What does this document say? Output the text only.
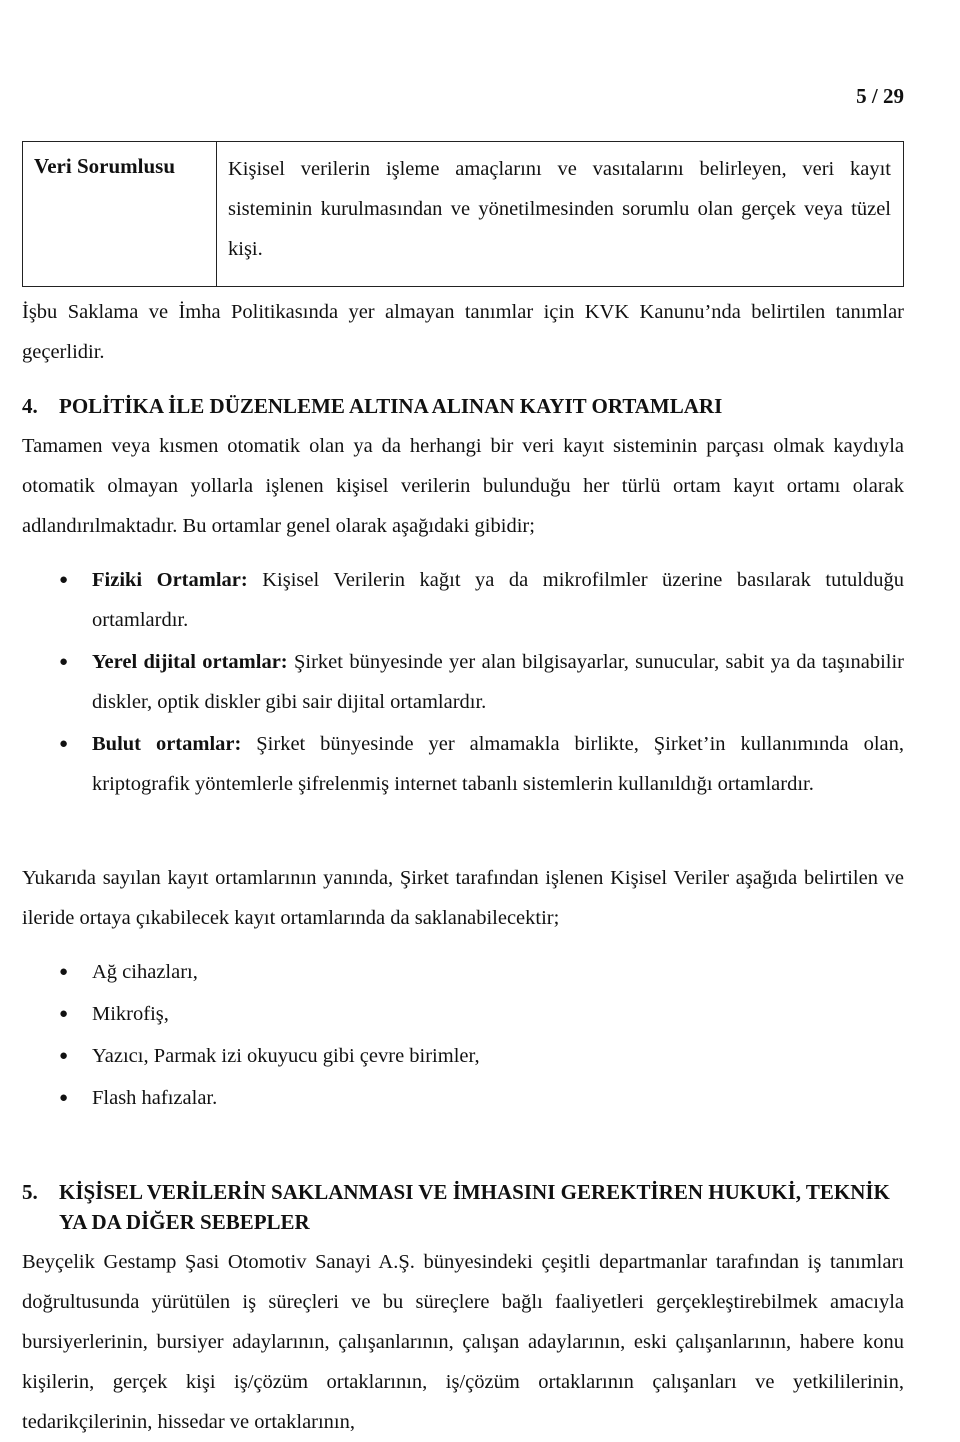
5 / 29
Veri Sorumlusu	Kişisel verilerin işleme amaçlarını ve vasıtalarını belirleyen, veri kayıt sisteminin kurulmasından ve yönetilmesinden sorumlu olan gerçek veya tüzel kişi.
İşbu Saklama ve İmha Politikasında yer almayan tanımlar için KVK Kanunu’nda belirtilen tanımlar geçerlidir.
4. POLİTİKA İLE DÜZENLEME ALTINA ALINAN KAYIT ORTAMLARI
Tamamen veya kısmen otomatik olan ya da herhangi bir veri kayıt sisteminin parçası olmak kaydıyla otomatik olmayan yollarla işlenen kişisel verilerin bulunduğu her türlü ortam kayıt ortamı olarak adlandırılmaktadır. Bu ortamlar genel olarak aşağıdaki gibidir;
● Fiziki Ortamlar: Kişisel Verilerin kağıt ya da mikrofilmler üzerine basılarak tutulduğu ortamlardır.
● Yerel dijital ortamlar: Şirket bünyesinde yer alan bilgisayarlar, sunucular, sabit ya da taşınabilir diskler, optik diskler gibi sair dijital ortamlardır.
● Bulut ortamlar: Şirket bünyesinde yer almamakla birlikte, Şirket’in kullanımında olan, kriptografik yöntemlerle şifrelenmiş internet tabanlı sistemlerin kullanıldığı ortamlardır.
Yukarıda sayılan kayıt ortamlarının yanında, Şirket tarafından işlenen Kişisel Veriler aşağıda belirtilen ve ileride ortaya çıkabilecek kayıt ortamlarında da saklanabilecektir;
● Ağ cihazları,
● Mikrofiş,
● Yazıcı, Parmak izi okuyucu gibi çevre birimler,
● Flash hafızalar.
5. KİŞİSEL VERİLERİN SAKLANMASI VE İMHASINI GEREKTİREN HUKUKİ, TEKNİK YA DA DİĞER SEBEPLER
Beyçelik Gestamp Şasi Otomotiv Sanayi A.Ş. bünyesindeki çeşitli departmanlar tarafından iş tanımları doğrultusunda yürütülen iş süreçleri ve bu süreçlere bağlı faaliyetleri gerçekleştirebilmek amacıyla bursiyerlerinin, bursiyer adaylarının, çalışanlarının, çalışan adaylarının, eski çalışanlarının, habere konu kişilerin, gerçek kişi iş/çözüm ortaklarının, iş/çözüm ortaklarının çalışanları ve yetkililerinin, tedarikçilerinin, hissedar ve ortaklarının,
